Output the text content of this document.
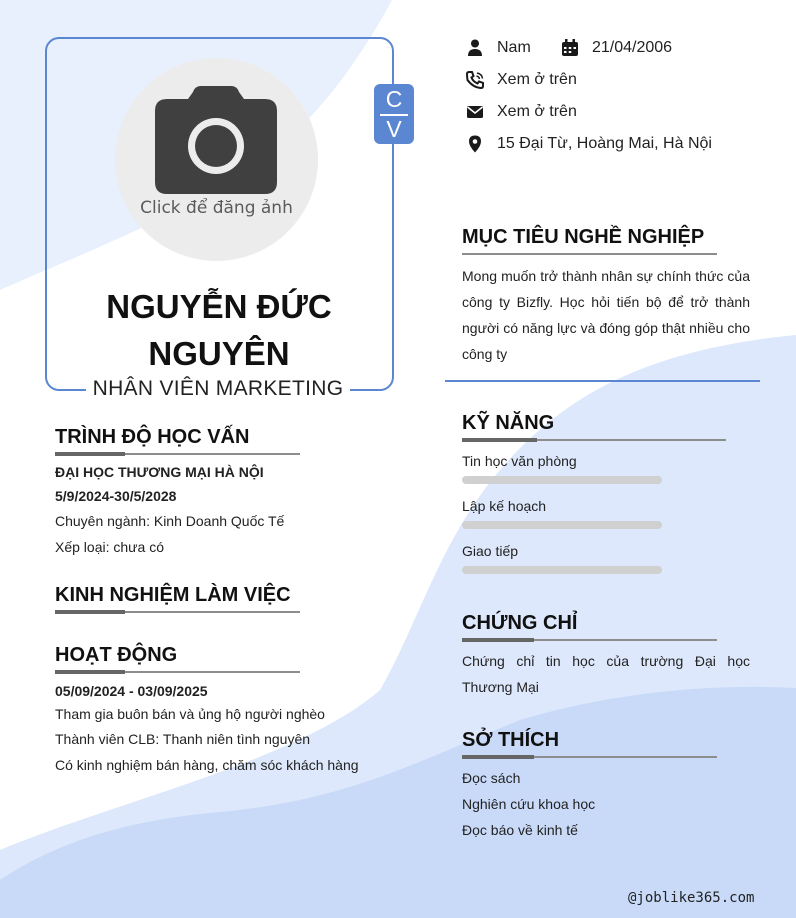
Click để đăng ảnh
C
V
NGUYỄN ĐỨC
NGUYÊN
NHÂN VIÊN MARKETING
Nam	21/04/2006
Xem ở trên
Xem ở trên
15 Đại Từ, Hoàng Mai, Hà Nội
MỤC TIÊU NGHỀ NGHIỆP
Mong muốn trở thành nhân sự chính thức của công ty Bizfly. Học hỏi tiến bộ để trở thành người có năng lực và đóng góp thật nhiều cho công ty
TRÌNH ĐỘ HỌC VẤN
ĐẠI HỌC THƯƠNG MẠI HÀ NỘI
5/9/2024-30/5/2028
Chuyên ngành: Kinh Doanh Quốc Tế
Xếp loại: chưa có
KINH NGHIỆM LÀM VIỆC
HOẠT ĐỘNG
05/09/2024 - 03/09/2025
Tham gia buôn bán và ủng hộ người nghèo
Thành viên CLB: Thanh niên tình nguyên
Có kinh nghiệm bán hàng, chăm sóc khách hàng
KỸ NĂNG
Tin học văn phòng
Lập kế hoạch
Giao tiếp
CHỨNG CHỈ
Chứng chỉ tin học của trường Đại học Thương Mại
SỞ THÍCH
Đọc sách
Nghiên cứu khoa học
Đọc báo về kinh tế
@joblike365.com
